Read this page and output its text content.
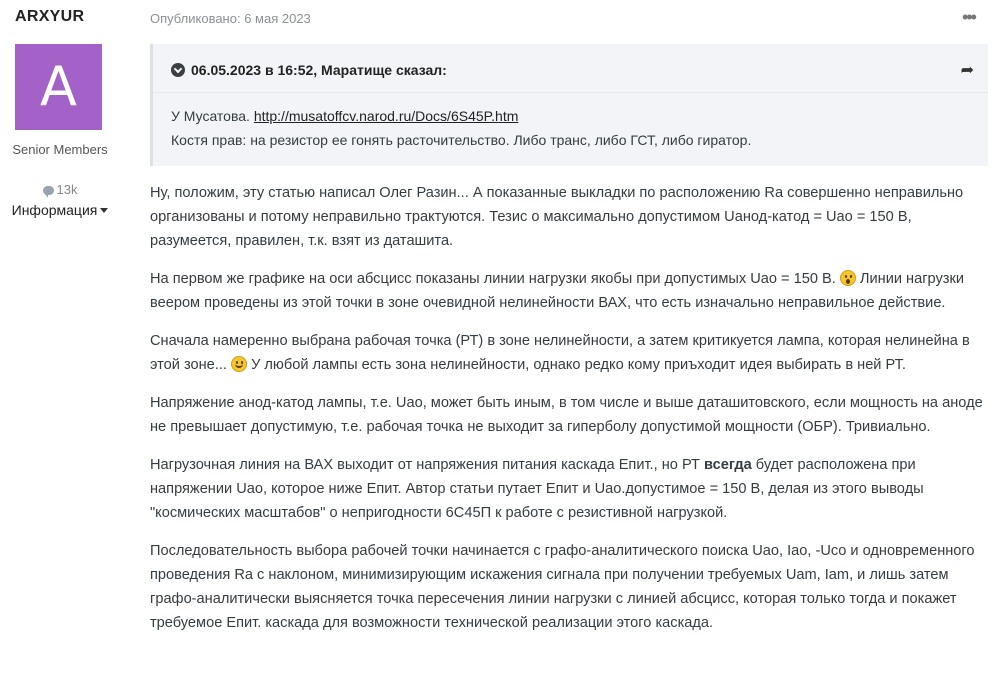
ARXYUR
A
Senior Members
13k
Информация
Опубликовано: 6 мая 2023	•••
06.05.2023 в 16:52, Маратище сказал:	➦
У Мусатова. http://musatoffcv.narod.ru/Docs/6S45P.htm
Костя прав: на резистор ее гонять расточительство. Либо транс, либо ГСТ, либо гиратор.

Ну, положим, эту статью написал Олег Разин... А показанные выкладки по расположению Ra совершенно неправильно организованы и потому неправильно трактуются. Тезис о максимально допустимом Uанод-катод = Uao = 150 В, разумеется, правилен, т.к. взят из даташита.

На первом же графике на оси абсцисс показаны линии нагрузки якобы при допустимых Uao = 150 В.
Линии нагрузки веером проведены из этой точки в зоне очевидной нелинейности ВАХ, что есть изначально неправильное действие.

Сначала намеренно выбрана рабочая точка (РТ) в зоне нелинейности, а затем критикуется лампа, которая нелинейна в этой зоне...
У любой лампы есть зона нелинейности, однако редко кому приъходит идея выбирать в ней РТ.

Напряжение анод-катод лампы, т.е. Uao, может быть иным, в том числе и выше даташитовского, если мощность на аноде не превышает допустимую, т.е. рабочая точка не выходит за гиперболу допустимой мощности (ОБР). Тривиально.

Нагрузочная линия на ВАХ выходит от напряжения питания каскада Епит., но РТ всегда будет расположена при напряжении Uao, которое ниже Епит. Автор статьи путает Епит и Uao.допустимое = 150 В, делая из этого выводы "космических масштабов" о непригодности 6С45П к работе с резистивной нагрузкой.

Последовательность выбора рабочей точки начинается с графо-аналитического поиска Uao, Iao, -Uco и одновременного проведения Ra с наклоном, минимизирующим искажения сигнала при получении требуемых Uam, Iam, и лишь затем графо-аналитически выясняется точка пересечения линии нагрузки с линией абсцисс, которая только тогда и покажет требуемое Епит. каскада для возможности технической реализации этого каскада.
